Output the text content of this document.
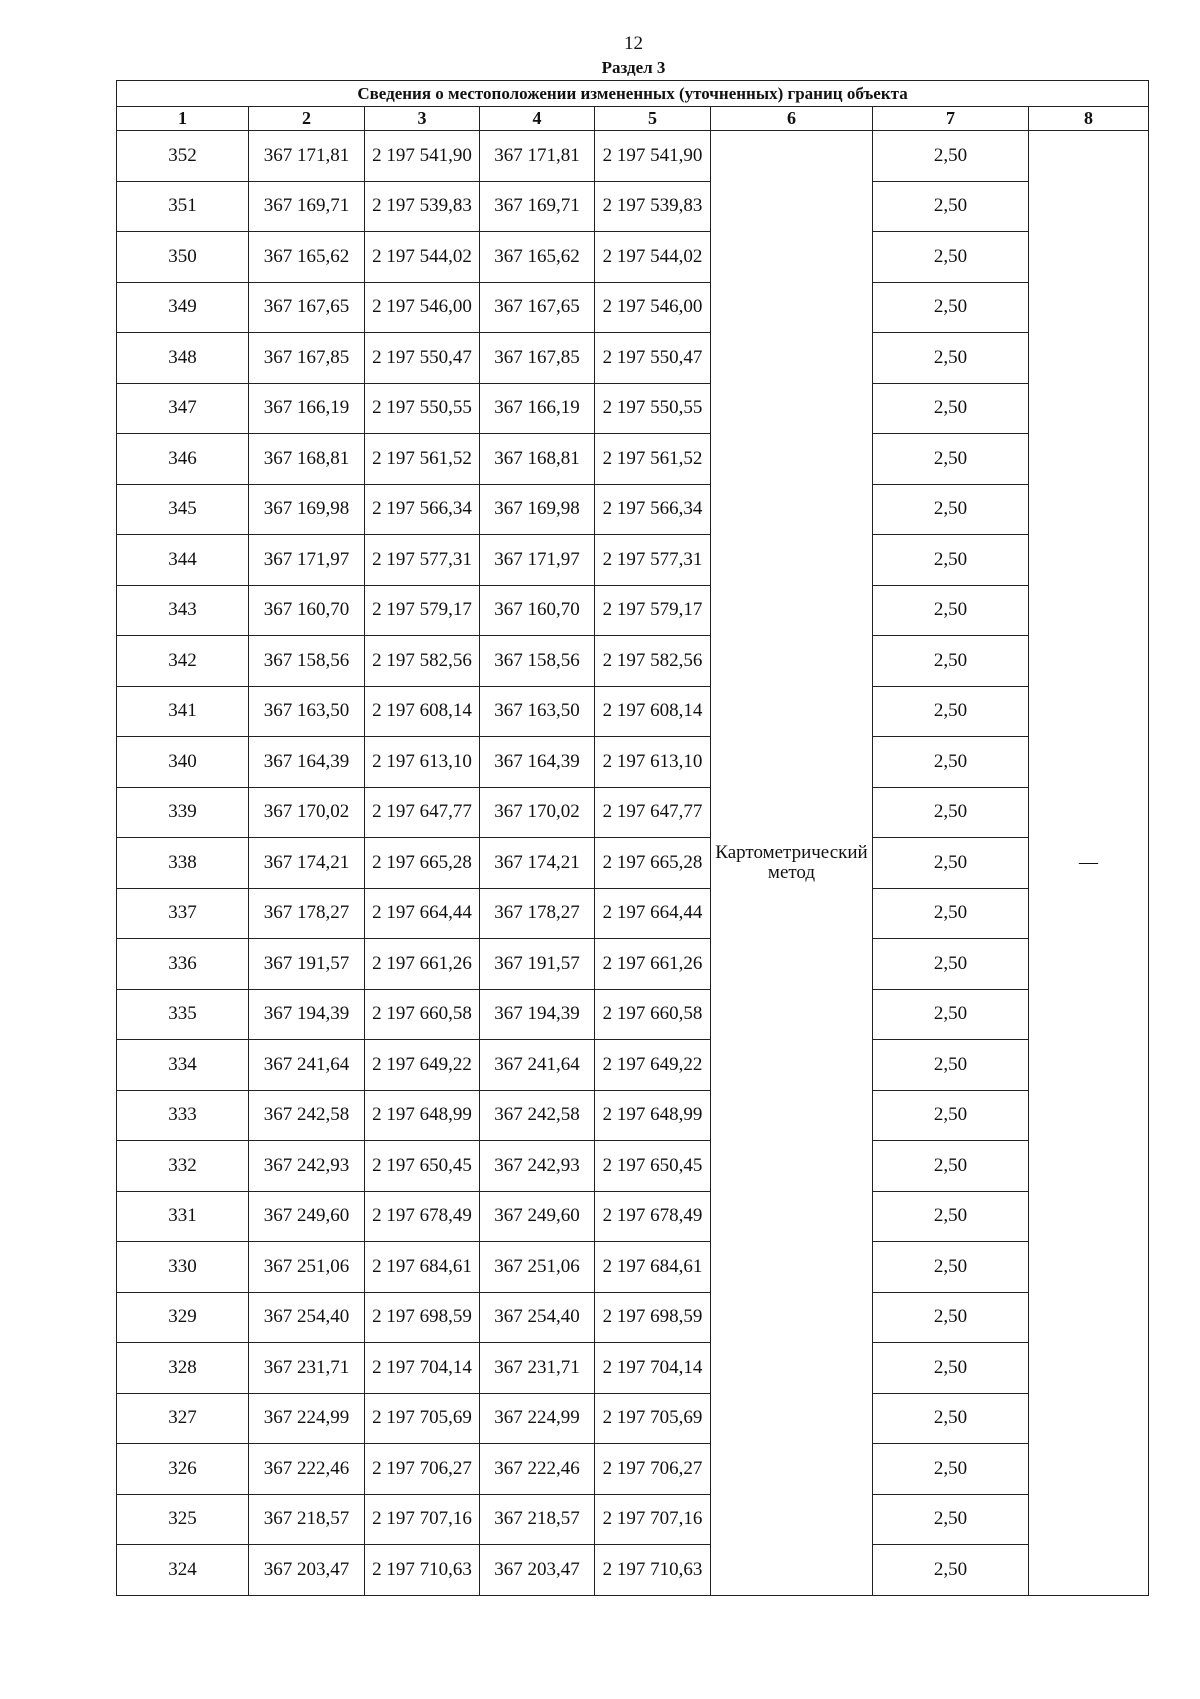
12
Раздел 3
Сведения о местоположении измененных (уточненных) границ объекта							
1	2	3	4	5	6	7	8
352	367 171,81	2 197 541,90	367 171,81	2 197 541,90	Картометрический метод	2,50	—
351	367 169,71	2 197 539,83	367 169,71	2 197 539,83		2,50	
350	367 165,62	2 197 544,02	367 165,62	2 197 544,02		2,50	
349	367 167,65	2 197 546,00	367 167,65	2 197 546,00		2,50	
348	367 167,85	2 197 550,47	367 167,85	2 197 550,47		2,50	
347	367 166,19	2 197 550,55	367 166,19	2 197 550,55		2,50	
346	367 168,81	2 197 561,52	367 168,81	2 197 561,52		2,50	
345	367 169,98	2 197 566,34	367 169,98	2 197 566,34		2,50	
344	367 171,97	2 197 577,31	367 171,97	2 197 577,31		2,50	
343	367 160,70	2 197 579,17	367 160,70	2 197 579,17		2,50	
342	367 158,56	2 197 582,56	367 158,56	2 197 582,56		2,50	
341	367 163,50	2 197 608,14	367 163,50	2 197 608,14		2,50	
340	367 164,39	2 197 613,10	367 164,39	2 197 613,10		2,50	
339	367 170,02	2 197 647,77	367 170,02	2 197 647,77		2,50	
338	367 174,21	2 197 665,28	367 174,21	2 197 665,28		2,50	
337	367 178,27	2 197 664,44	367 178,27	2 197 664,44		2,50	
336	367 191,57	2 197 661,26	367 191,57	2 197 661,26		2,50	
335	367 194,39	2 197 660,58	367 194,39	2 197 660,58		2,50	
334	367 241,64	2 197 649,22	367 241,64	2 197 649,22		2,50	
333	367 242,58	2 197 648,99	367 242,58	2 197 648,99		2,50	
332	367 242,93	2 197 650,45	367 242,93	2 197 650,45		2,50	
331	367 249,60	2 197 678,49	367 249,60	2 197 678,49		2,50	
330	367 251,06	2 197 684,61	367 251,06	2 197 684,61		2,50	
329	367 254,40	2 197 698,59	367 254,40	2 197 698,59		2,50	
328	367 231,71	2 197 704,14	367 231,71	2 197 704,14		2,50	
327	367 224,99	2 197 705,69	367 224,99	2 197 705,69		2,50	
326	367 222,46	2 197 706,27	367 222,46	2 197 706,27		2,50	
325	367 218,57	2 197 707,16	367 218,57	2 197 707,16		2,50	
324	367 203,47	2 197 710,63	367 203,47	2 197 710,63		2,50	
